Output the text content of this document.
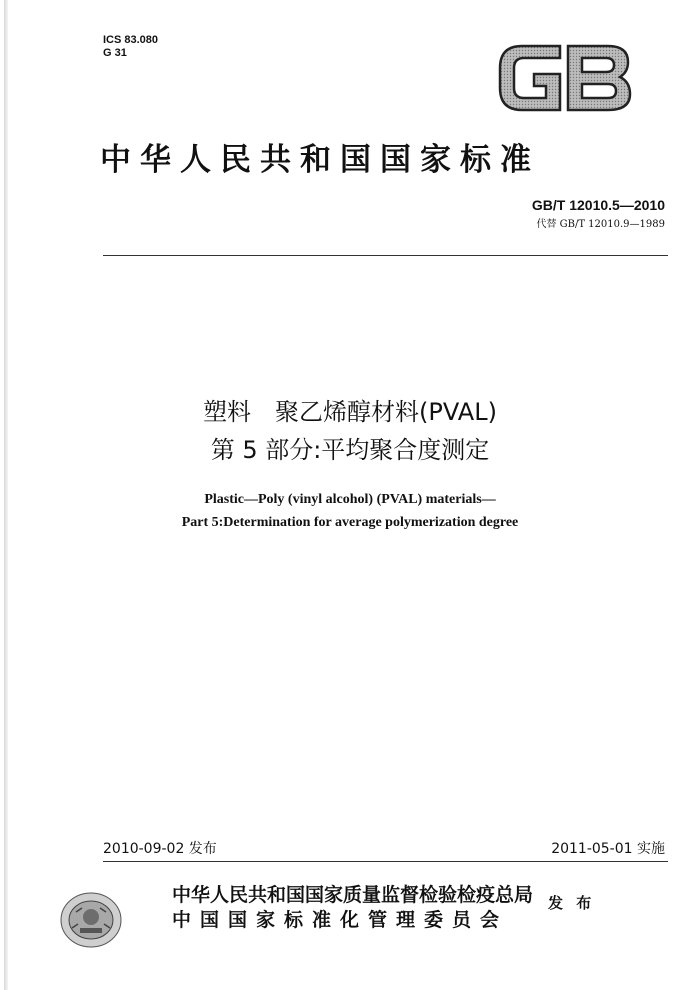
ICS 83.080
G 31
GB
中华人民共和国国家标准
GB/T 12010.5—2010
代替 GB/T 12010.9—1989
塑料　聚乙烯醇材料(PVAL)
第 5 部分:平均聚合度测定
Plastic—Poly (vinyl alcohol) (PVAL) materials—
Part 5:Determination for average polymerization degree
2010-09-02 发布	2011-05-01 实施
中华人民共和国国家质量监督检验检疫总局
中国国家标准化管理委员会
发 布
